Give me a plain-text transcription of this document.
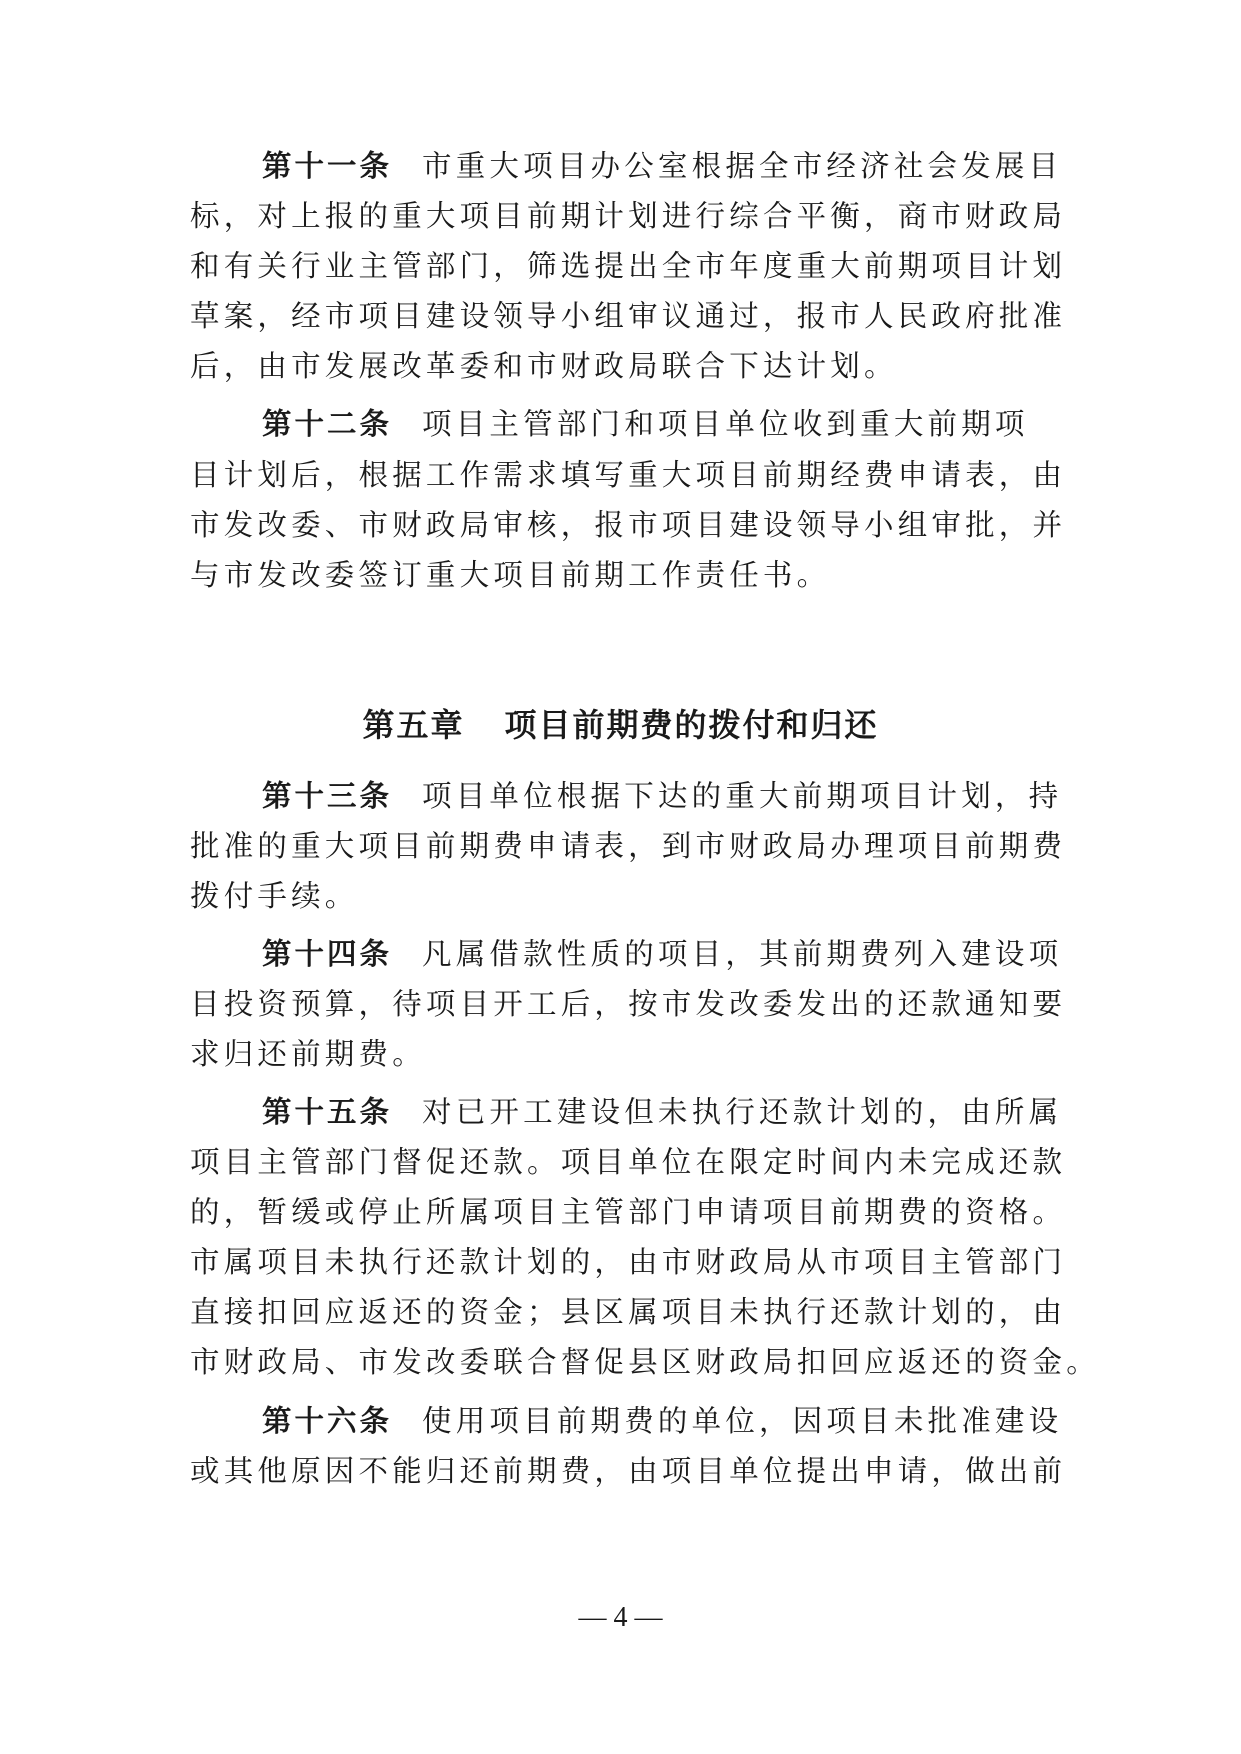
第十一条 市重大项目办公室根据全市经济社会发展目
标，对上报的重大项目前期计划进行综合平衡，商市财政局
和有关行业主管部门，筛选提出全市年度重大前期项目计划
草案，经市项目建设领导小组审议通过，报市人民政府批准
后，由市发展改革委和市财政局联合下达计划。
第十二条 项目主管部门和项目单位收到重大前期项
目计划后，根据工作需求填写重大项目前期经费申请表，由
市发改委、市财政局审核，报市项目建设领导小组审批，并
与市发改委签订重大项目前期工作责任书。
第五章 项目前期费的拨付和归还
第十三条 项目单位根据下达的重大前期项目计划，持
批准的重大项目前期费申请表，到市财政局办理项目前期费
拨付手续。
第十四条 凡属借款性质的项目，其前期费列入建设项
目投资预算，待项目开工后，按市发改委发出的还款通知要
求归还前期费。
第十五条 对已开工建设但未执行还款计划的，由所属
项目主管部门督促还款。项目单位在限定时间内未完成还款
的，暂缓或停止所属项目主管部门申请项目前期费的资格。
市属项目未执行还款计划的，由市财政局从市项目主管部门
直接扣回应返还的资金；县区属项目未执行还款计划的，由
市财政局、市发改委联合督促县区财政局扣回应返还的资金。
第十六条 使用项目前期费的单位，因项目未批准建设
或其他原因不能归还前期费，由项目单位提出申请，做出前
— 4 —
